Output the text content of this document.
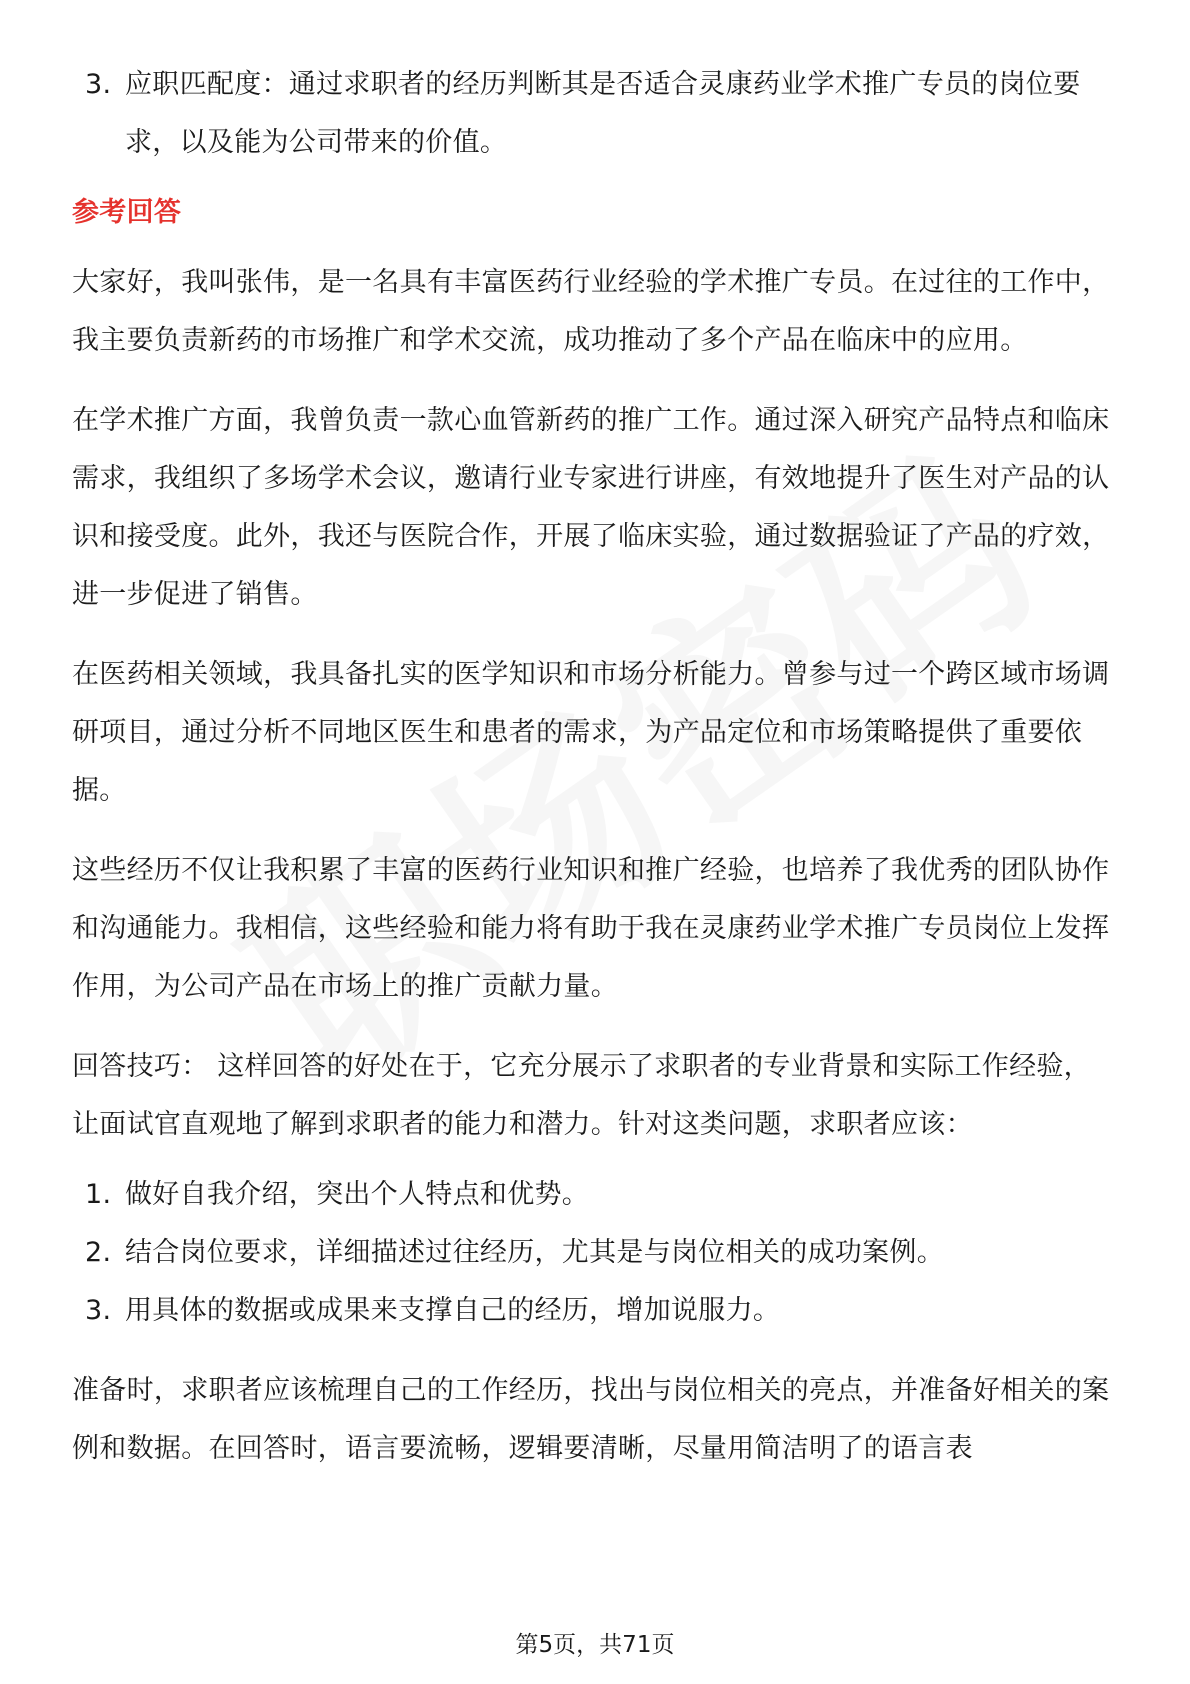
3. 应职匹配度：通过求职者的经历判断其是否适合灵康药业学术推广专员的岗位要求，以及能为公司带来的价值。

参考回答

大家好，我叫张伟，是一名具有丰富医药行业经验的学术推广专员。在过往的工作中，我主要负责新药的市场推广和学术交流，成功推动了多个产品在临床中的应用。

在学术推广方面，我曾负责一款心血管新药的推广工作。通过深入研究产品特点和临床需求，我组织了多场学术会议，邀请行业专家进行讲座，有效地提升了医生对产品的认识和接受度。此外，我还与医院合作，开展了临床实验，通过数据验证了产品的疗效，进一步促进了销售。

在医药相关领域，我具备扎实的医学知识和市场分析能力。曾参与过一个跨区域市场调研项目，通过分析不同地区医生和患者的需求，为产品定位和市场策略提供了重要依据。

这些经历不仅让我积累了丰富的医药行业知识和推广经验，也培养了我优秀的团队协作和沟通能力。我相信，这些经验和能力将有助于我在灵康药业学术推广专员岗位上发挥作用，为公司产品在市场上的推广贡献力量。

回答技巧： 这样回答的好处在于，它充分展示了求职者的专业背景和实际工作经验，让面试官直观地了解到求职者的能力和潜力。针对这类问题，求职者应该：

1. 做好自我介绍，突出个人特点和优势。
2. 结合岗位要求，详细描述过往经历，尤其是与岗位相关的成功案例。
3. 用具体的数据或成果来支撑自己的经历，增加说服力。

准备时，求职者应该梳理自己的工作经历，找出与岗位相关的亮点，并准备好相关的案例和数据。在回答时，语言要流畅，逻辑要清晰，尽量用简洁明了的语言表

第5页，共71页
